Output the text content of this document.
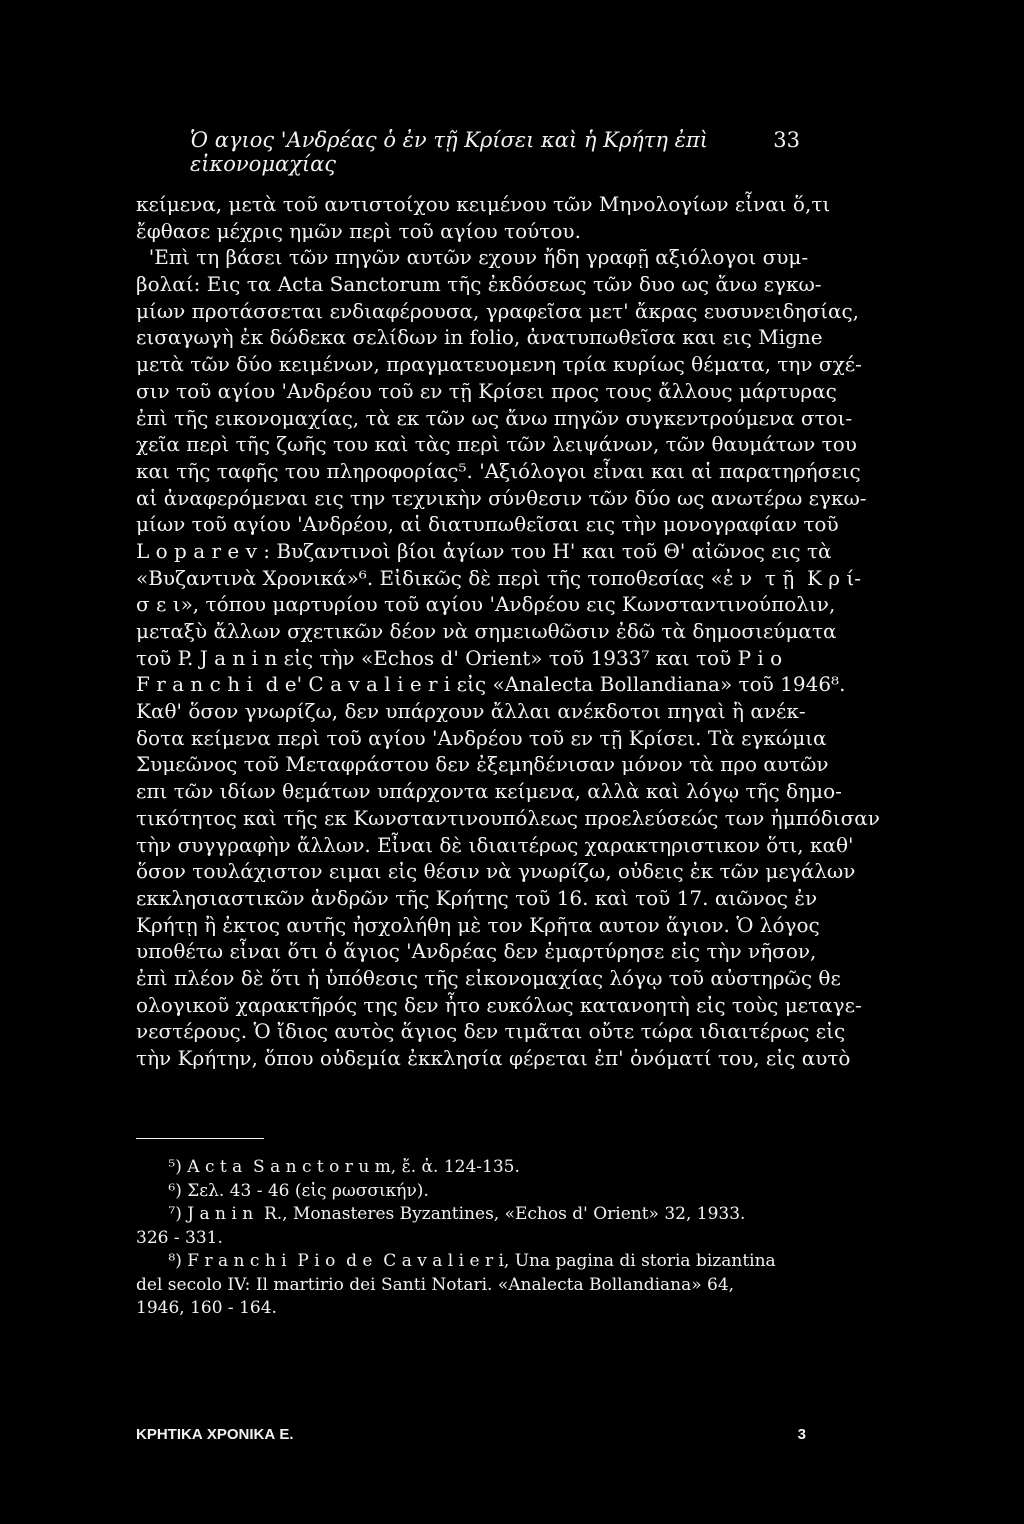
Ὁ αγιος 'Ανδρέας ὁ ἐν τῇ Κρίσει καὶ ἡ Κρήτη ἐπὶ εἰκονομαχίας
33
κείμενα, μετὰ τοῦ αντιστοίχου κειμένου τῶν Μηνολογίων εἶναι ὅ,τι
ἔφθασε μέχρις ημῶν περὶ τοῦ αγίου τούτου.
'Επὶ τη βάσει τῶν πηγῶν αυτῶν εχουν ἤδη γραφῇ αξιόλογοι συμ-
βολαί: Εις τα Acta Sanctorum τῆς ἐκδόσεως τῶν δυο ως ἄνω εγκω-
μίων προτάσσεται ενδιαφέρουσα, γραφεῖσα μετ' ἄκρας ευσυνειδησίας,
εισαγωγὴ ἐκ δώδεκα σελίδων in folio, ἀνατυπωθεῖσα και εις Migne
μετὰ τῶν δύο κειμένων, πραγματευομενη τρία κυρίως θέματα, την σχέ-
σιν τοῦ αγίου 'Ανδρέου τοῦ εν τῇ Κρίσει προς τους ἄλλους μάρτυρας
ἐπὶ τῆς εικονομαχίας, τὰ εκ τῶν ως ἄνω πηγῶν συγκεντρούμενα στοι-
χεῖα περὶ τῆς ζωῆς του καὶ τὰς περὶ τῶν λειψάνων, τῶν θαυμάτων του
και τῆς ταφῆς του πληροφορίας⁵. 'Αξιόλογοι εἶναι και αἱ παρατηρήσεις
αἱ ἀναφερόμεναι εις την τεχνικὴν σύνθεσιν τῶν δύο ως ανωτέρω εγκω-
μίων τοῦ αγίου 'Ανδρέου, αἱ διατυπωθεῖσαι εις τὴν μονογραφίαν τοῦ
L o p a r e v : Βυζαντινοὶ βίοι ἁγίων του Η' και τοῦ Θ' αἰῶνος εις τὰ
«Βυζαντινὰ Χρονικά»⁶. Εἰδικῶς δὲ περὶ τῆς τοποθεσίας «ἐ ν  τ ῇ  Κ ρ ί-
σ ε ι», τόπου μαρτυρίου τοῦ αγίου 'Ανδρέου εις Κωνσταντινούπολιν,
μεταξὺ ἄλλων σχετικῶν δέον νὰ σημειωθῶσιν ἐδῶ τὰ δημοσιεύματα
τοῦ P. J a n i n εἰς τὴν «Echos d' Orient» τοῦ 1933⁷ και τοῦ P i o
F r a n c h i  d e' C a v a l i e r i εἰς «Analecta Bollandiana» τοῦ 1946⁸.
Καθ' ὅσον γνωρίζω, δεν υπάρχουν ἄλλαι ανέκδοτοι πηγαὶ ἢ ανέκ-
δοτα κείμενα περὶ τοῦ αγίου 'Ανδρέου τοῦ εν τῇ Κρίσει. Τὰ εγκώμια
Συμεῶνος τοῦ Μεταφράστου δεν ἐξεμηδένισαν μόνον τὰ προ αυτῶν
επι τῶν ιδίων θεμάτων υπάρχοντα κείμενα, αλλὰ καὶ λόγῳ τῆς δημο-
τικότητος καὶ τῆς εκ Κωνσταντινουπόλεως προελεύσεώς των ἠμπόδισαν
τὴν συγγραφὴν ἄλλων. Εἶναι δὲ ιδιαιτέρως χαρακτηριστικον ὅτι, καθ'
ὅσον τουλάχιστον ειμαι εἰς θέσιν νὰ γνωρίζω, οὐδεις ἐκ τῶν μεγάλων
εκκλησιαστικῶν ἀνδρῶν τῆς Κρήτης τοῦ 16. καὶ τοῦ 17. αιῶνος ἐν
Κρήτῃ ἢ ἐκτος αυτῆς ἠσχολήθη μὲ τον Κρῆτα αυτον ἅγιον. Ὁ λόγος
υποθέτω εἶναι ὅτι ὁ ἅγιος 'Ανδρέας δεν ἐμαρτύρησε εἰς τὴν νῆσον,
ἐπὶ πλέον δὲ ὅτι ἡ ὑπόθεσις τῆς εἰκονομαχίας λόγῳ τοῦ αὐστηρῶς θε
ολογικοῦ χαρακτῆρός της δεν ἦτο ευκόλως κατανοητὴ εἰς τοὺς μεταγε-
νεστέρους. Ὁ ἴδιος αυτὸς ἅγιος δεν τιμᾶται οὔτε τώρα ιδιαιτέρως εἰς
τὴν Κρήτην, ὅπου οὐδεμία ἐκκλησία φέρεται ἐπ' ὀνόματί του, εἰς αυτὸ
⁵) A c t a  S a n c t o r u m, ἔ. ἀ. 124-135.
⁶) Σελ. 43 - 46 (εἰς ρωσσικήν).
⁷) J a n i n  R., Monasteres Byzantines, «Echos d' Orient» 32, 1933.
326 - 331.
⁸) F r a n c h i  P i o  d e  C a v a l i e r i, Una pagina di storia bizantina
del secolo IV: Il martirio dei Santi Notari. «Analecta Bollandiana» 64,
1946, 160 - 164.
ΚΡΗΤΙΚΑ ΧΡΟΝΙΚΑ Ε.	3
